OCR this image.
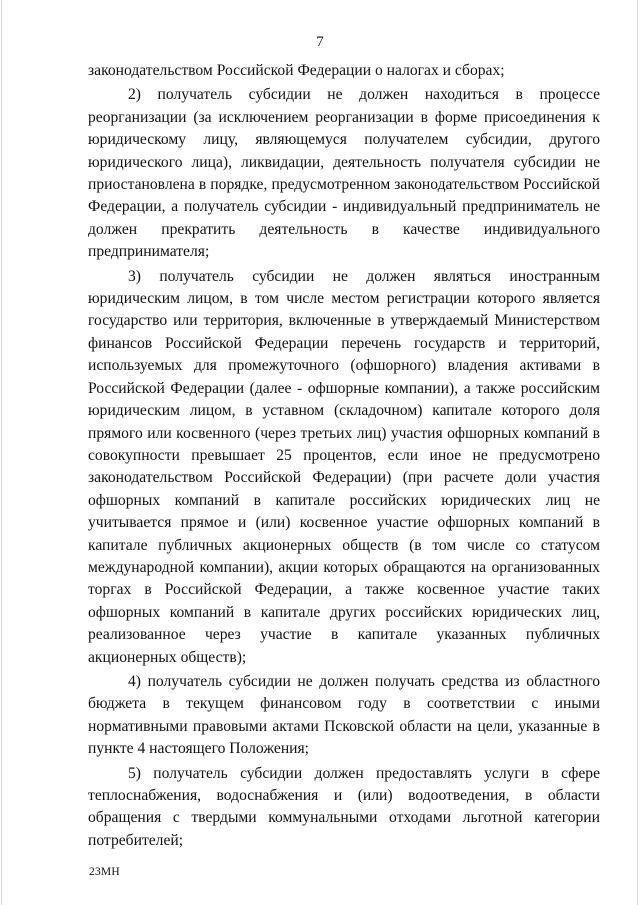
7

законодательством Российской Федерации о налогах и сборах;

2) получатель субсидии не должен находиться в процессе реорганизации (за исключением реорганизации в форме присоединения к юридическому лицу, являющемуся получателем субсидии, другого юридического лица), ликвидации, деятельность получателя субсидии не приостановлена в порядке, предусмотренном законодательством Российской Федерации, а получатель субсидии - индивидуальный предприниматель не должен прекратить деятельность в качестве индивидуального предпринимателя;

3) получатель субсидии не должен являться иностранным юридическим лицом, в том числе местом регистрации которого является государство или территория, включенные в утверждаемый Министерством финансов Российской Федерации перечень государств и территорий, используемых для промежуточного (офшорного) владения активами в Российской Федерации (далее - офшорные компании), а также российским юридическим лицом, в уставном (складочном) капитале которого доля прямого или косвенного (через третьих лиц) участия офшорных компаний в совокупности превышает 25 процентов, если иное не предусмотрено законодательством Российской Федерации) (при расчете доли участия офшорных компаний в капитале российских юридических лиц не учитывается прямое и (или) косвенное участие офшорных компаний в капитале публичных акционерных обществ (в том числе со статусом международной компании), акции которых обращаются на организованных торгах в Российской Федерации, а также косвенное участие таких офшорных компаний в капитале других российских юридических лиц, реализованное через участие в капитале указанных публичных акционерных обществ);

4) получатель субсидии не должен получать средства из областного бюджета в текущем финансовом году в соответствии с иными нормативными правовыми актами Псковской области на цели, указанные в пункте 4 настоящего Положения;

5) получатель субсидии должен предоставлять услуги в сфере теплоснабжения, водоснабжения и (или) водоотведения, в области обращения с твердыми коммунальными отходами льготной категории потребителей;

23МН
